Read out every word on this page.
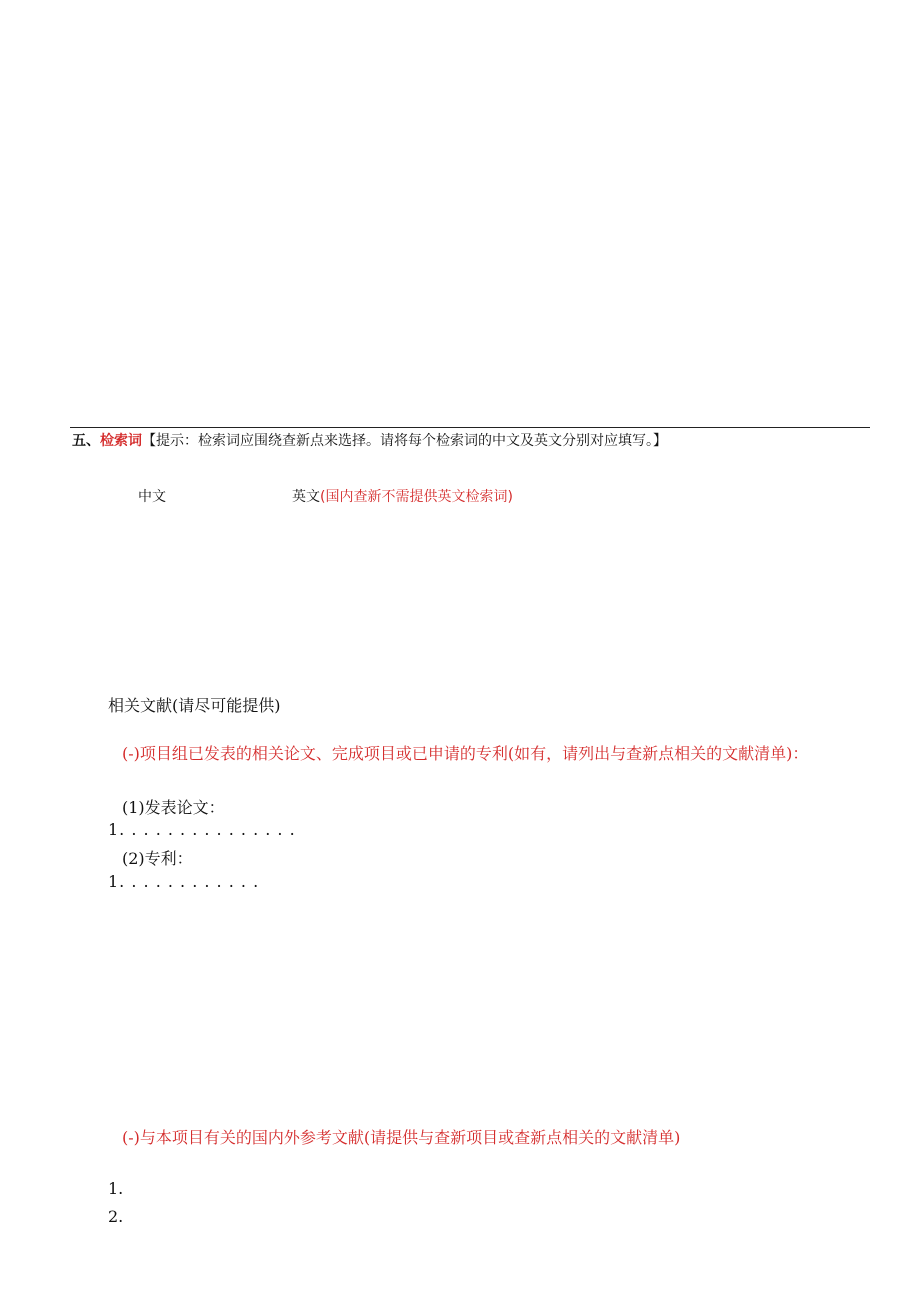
五、检索词【提示：检索词应围绕查新点来选择。请将每个检索词的中文及英文分别对应填写。】
中文	英文(国内查新不需提供英文检索词)
相关文献(请尽可能提供)
(-)项目组已发表的相关论文、完成项目或已申请的专利(如有，请列出与查新点相关的文献清单)：
(1)发表论文：
1. . . . . . . . . . . . . . .
(2)专利：
1. . . . . . . . . . . .
(-)与本项目有关的国内外参考文献(请提供与查新项目或查新点相关的文献清单)
1.
2.
